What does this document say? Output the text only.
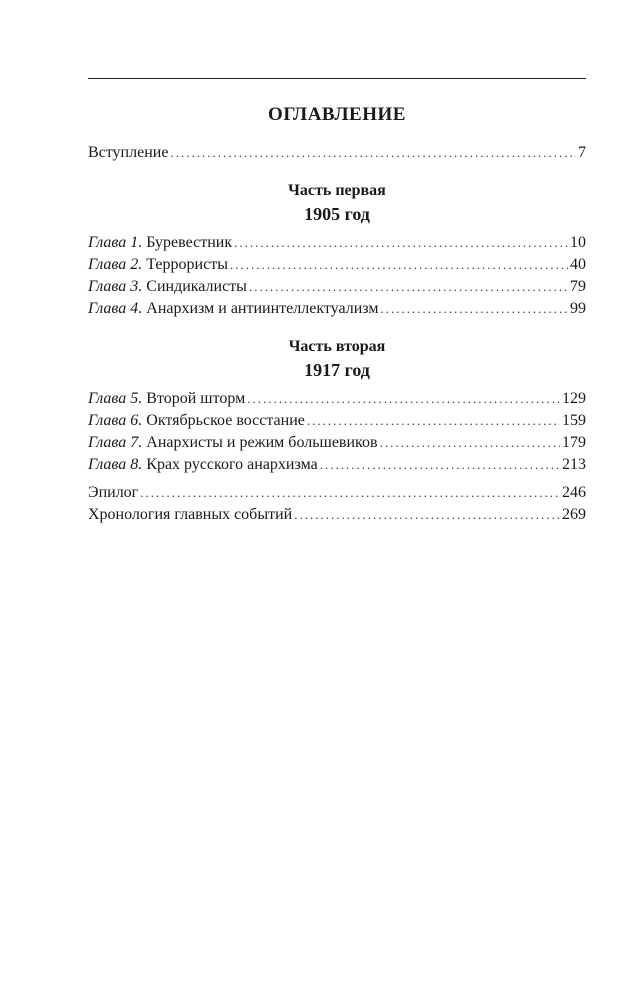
ОГЛАВЛЕНИЕ
Вступление .....	7
Часть первая
1905 год
Глава 1. Буревестник .....	10
Глава 2. Террористы .....	40
Глава 3. Синдикалисты .....	79
Глава 4. Анархизм и антиинтеллектуализм .....	99
Часть вторая
1917 год
Глава 5. Второй шторм .....	129
Глава 6. Октябрьское восстание .....	159
Глава 7. Анархисты и режим большевиков .....	179
Глава 8. Крах русского анархизма .....	213
Эпилог .....	246
Хронология главных событий .....	269
